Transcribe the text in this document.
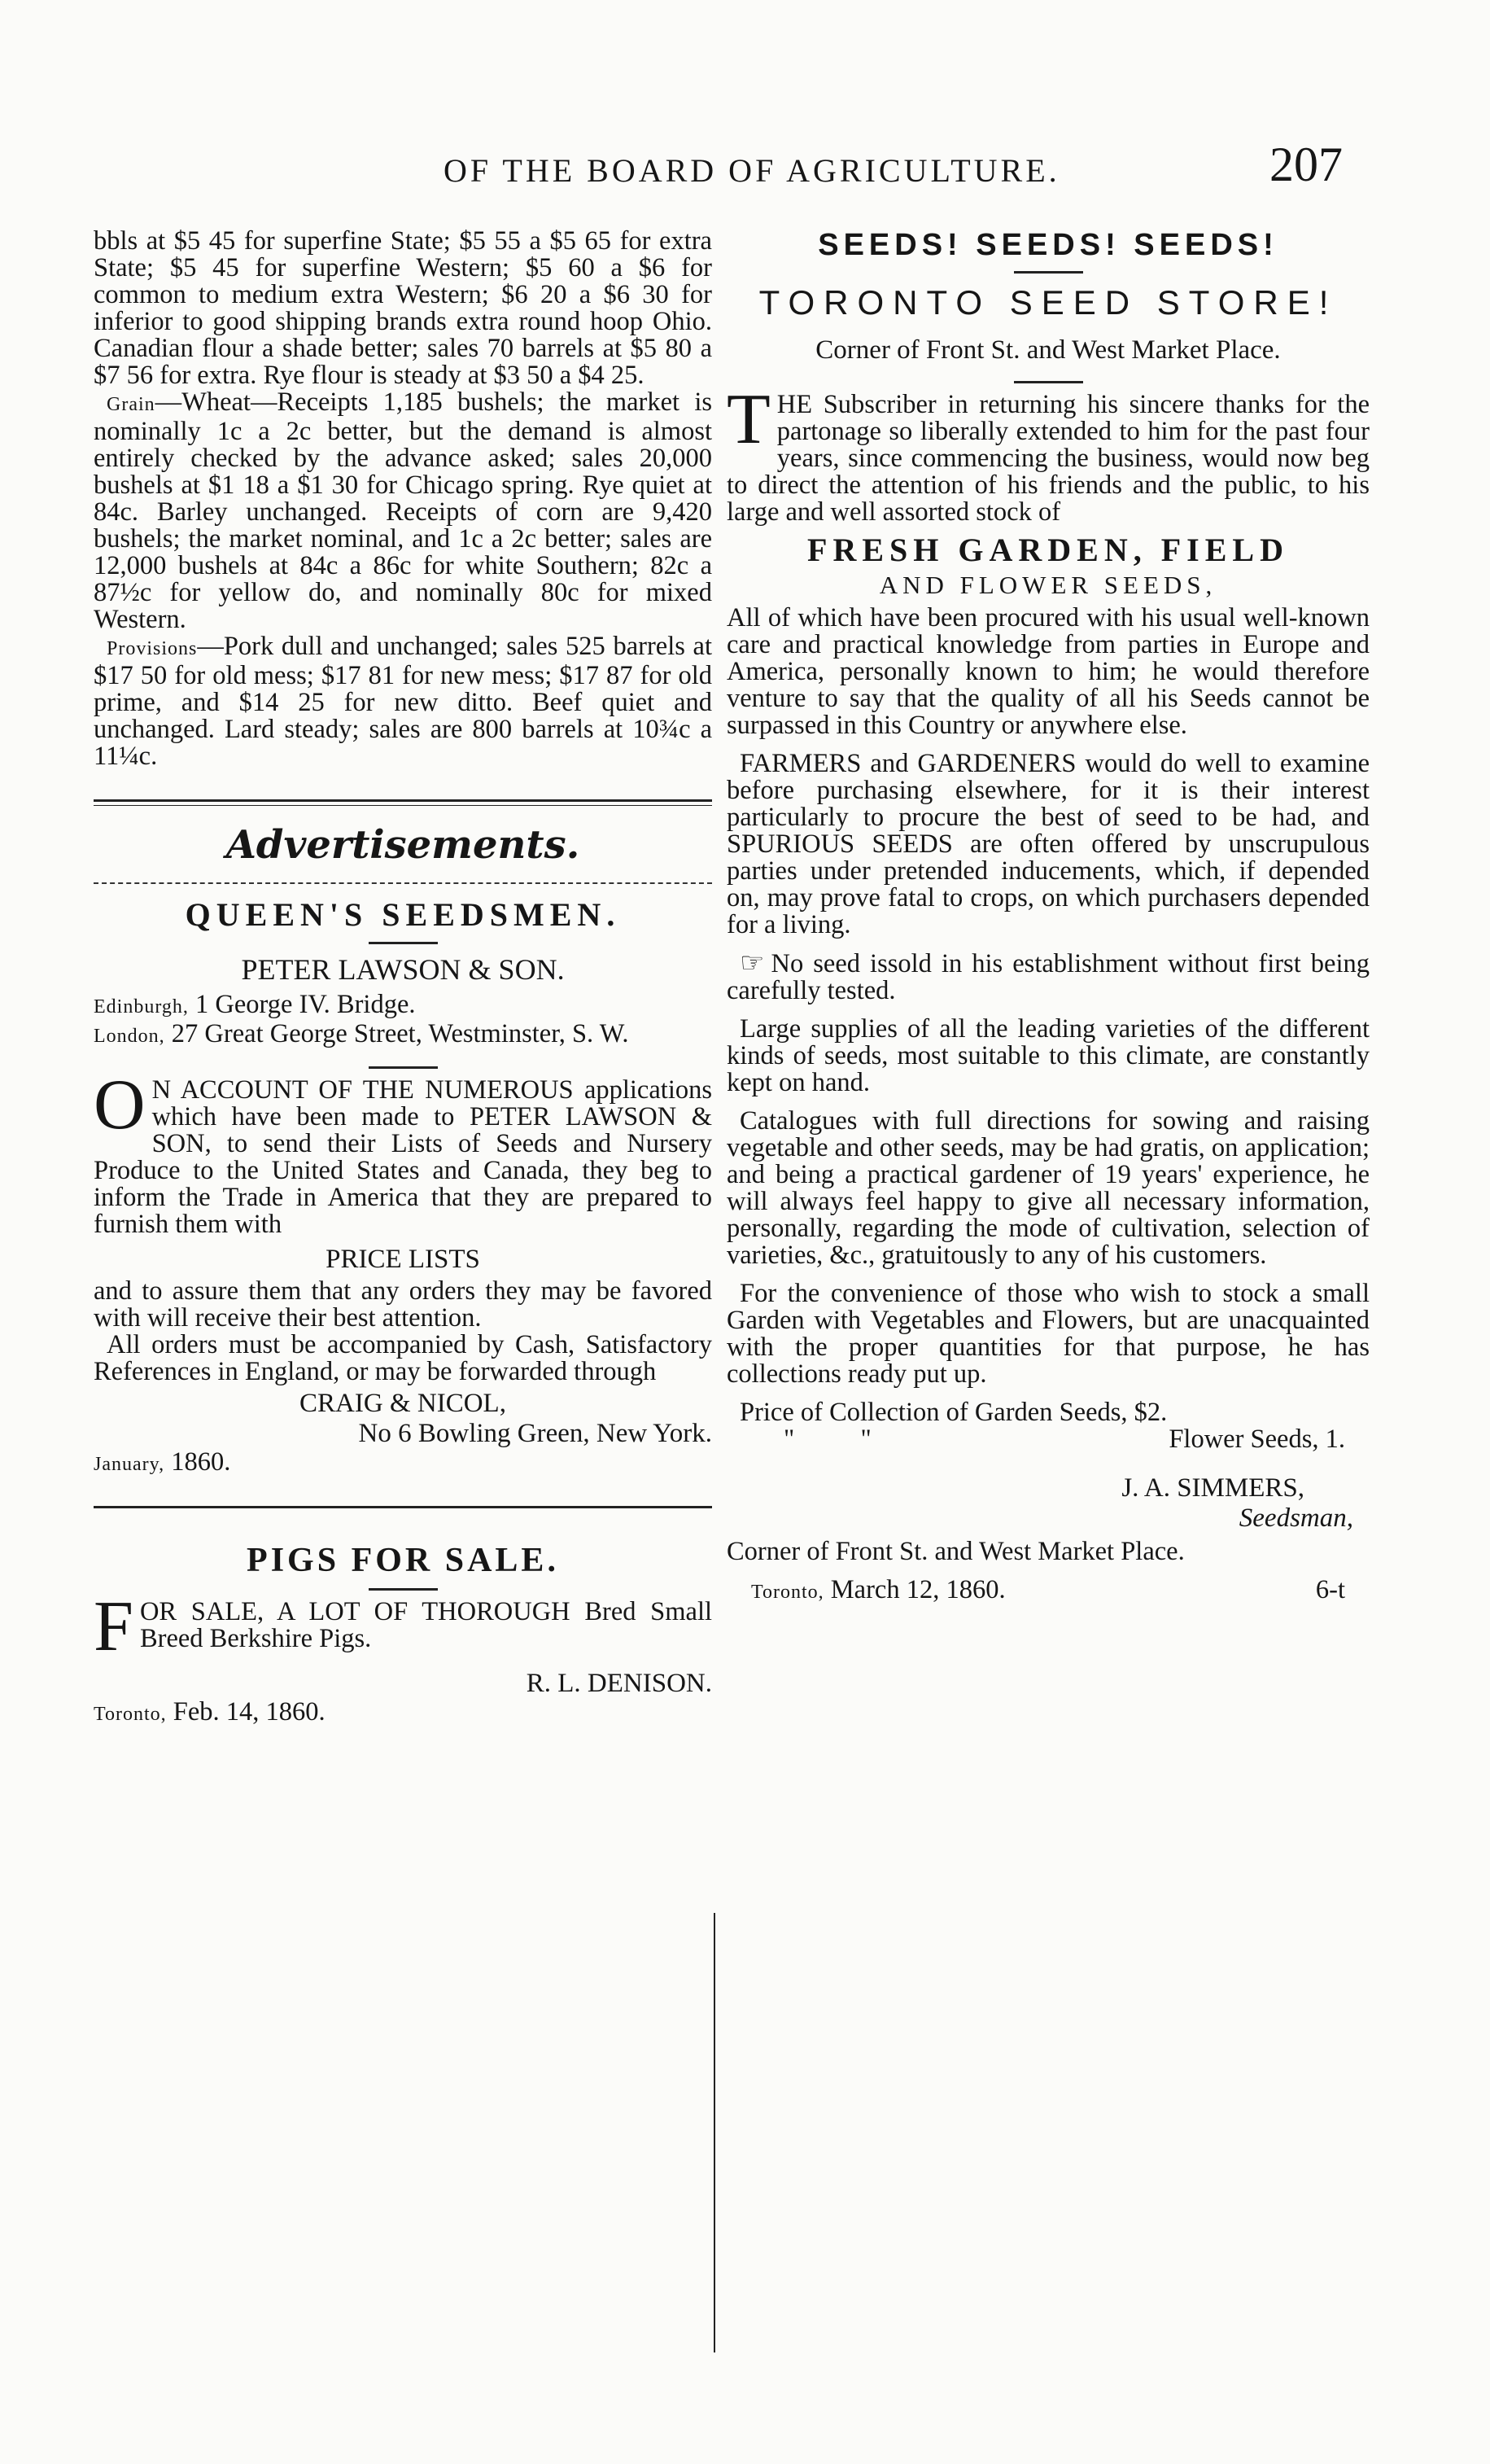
OF THE BOARD OF AGRICULTURE.	207

bbls at $5 45 for superfine State; $5 55 a $5 65 for extra State; $5 45 for superfine Western; $5 60 a $6 for common to medium extra Western; $6 20 a $6 30 for inferior to good shipping brands extra round hoop Ohio. Canadian flour a shade better; sales 70 barrels at $5 80 a $7 56 for extra. Rye flour is steady at $3 50 a $4 25.

Grain—Wheat—Receipts 1,185 bushels; the market is nominally 1c a 2c better, but the demand is almost entirely checked by the advance asked; sales 20,000 bushels at $1 18 a $1 30 for Chicago spring. Rye quiet at 84c. Barley unchanged. Receipts of corn are 9,420 bushels; the market nominal, and 1c a 2c better; sales are 12,000 bushels at 84c a 86c for white Southern; 82c a 87½c for yellow do, and nominally 80c for mixed Western.

Provisions—Pork dull and unchanged; sales 525 barrels at $17 50 for old mess; $17 81 for new mess; $17 87 for old prime, and $14 25 for new ditto. Beef quiet and unchanged. Lard steady; sales are 800 barrels at 10¾c a 11¼c.

Advertisements.
QUEEN'S SEEDSMEN.
PETER LAWSON & SON.

Edinburgh, 1 George IV. Bridge.

London, 27 Great George Street, Westminster, S. W.

O N ACCOUNT OF THE NUMEROUS applications which have been made to PETER LAWSON & SON, to send their Lists of Seeds and Nursery Produce to the United States and Canada, they beg to inform the Trade in America that they are prepared to furnish them with

PRICE LISTS

and to assure them that any orders they may be favored with will receive their best attention.

All orders must be accompanied by Cash, Satisfactory References in England, or may be forwarded through

CRAIG & NICOL,
No 6 Bowling Green, New York.

January, 1860.

PIGS FOR SALE.

FOR SALE, A LOT OF THOROUGH Bred Small Breed Berkshire Pigs.

R. L. DENISON.

Toronto, Feb. 14, 1860.

SEEDS! SEEDS! SEEDS!
TORONTO SEED STORE!
Corner of Front St. and West Market Place.

THE Subscriber in returning his sincere thanks for the partonage so liberally extended to him for the past four years, since commencing the business, would now beg to direct the attention of his friends and the public, to his large and well assorted stock of

FRESH GARDEN, FIELD
AND FLOWER SEEDS,

All of which have been procured with his usual well-known care and practical knowledge from parties in Europe and America, personally known to him; he would therefore venture to say that the quality of all his Seeds cannot be surpassed in this Country or anywhere else.

FARMERS and GARDENERS would do well to examine before purchasing elsewhere, for it is their interest particularly to procure the best of seed to be had, and SPURIOUS SEEDS are often offered by unscrupulous parties under pretended inducements, which, if depended on, may prove fatal to crops, on which purchasers depended for a living.

☞ No seed issold in his establishment without first being carefully tested.

Large supplies of all the leading varieties of the different kinds of seeds, most suitable to this climate, are constantly kept on hand.

Catalogues with full directions for sowing and raising vegetable and other seeds, may be had gratis, on application; and being a practical gardener of 19 years' experience, he will always feel happy to give all necessary information, personally, regarding the mode of cultivation, selection of varieties, &c., gratuitously to any of his customers.

For the convenience of those who wish to stock a small Garden with Vegetables and Flowers, but are unacquainted with the proper quantities for that purpose, he has collections ready put up.

Price of Collection of Garden Seeds, $2.

"          "	Flower Seeds, 1.
J. A. SIMMERS,
Seedsman,

Corner of Front St. and West Market Place.

Toronto, March 12, 1860.	6-t
